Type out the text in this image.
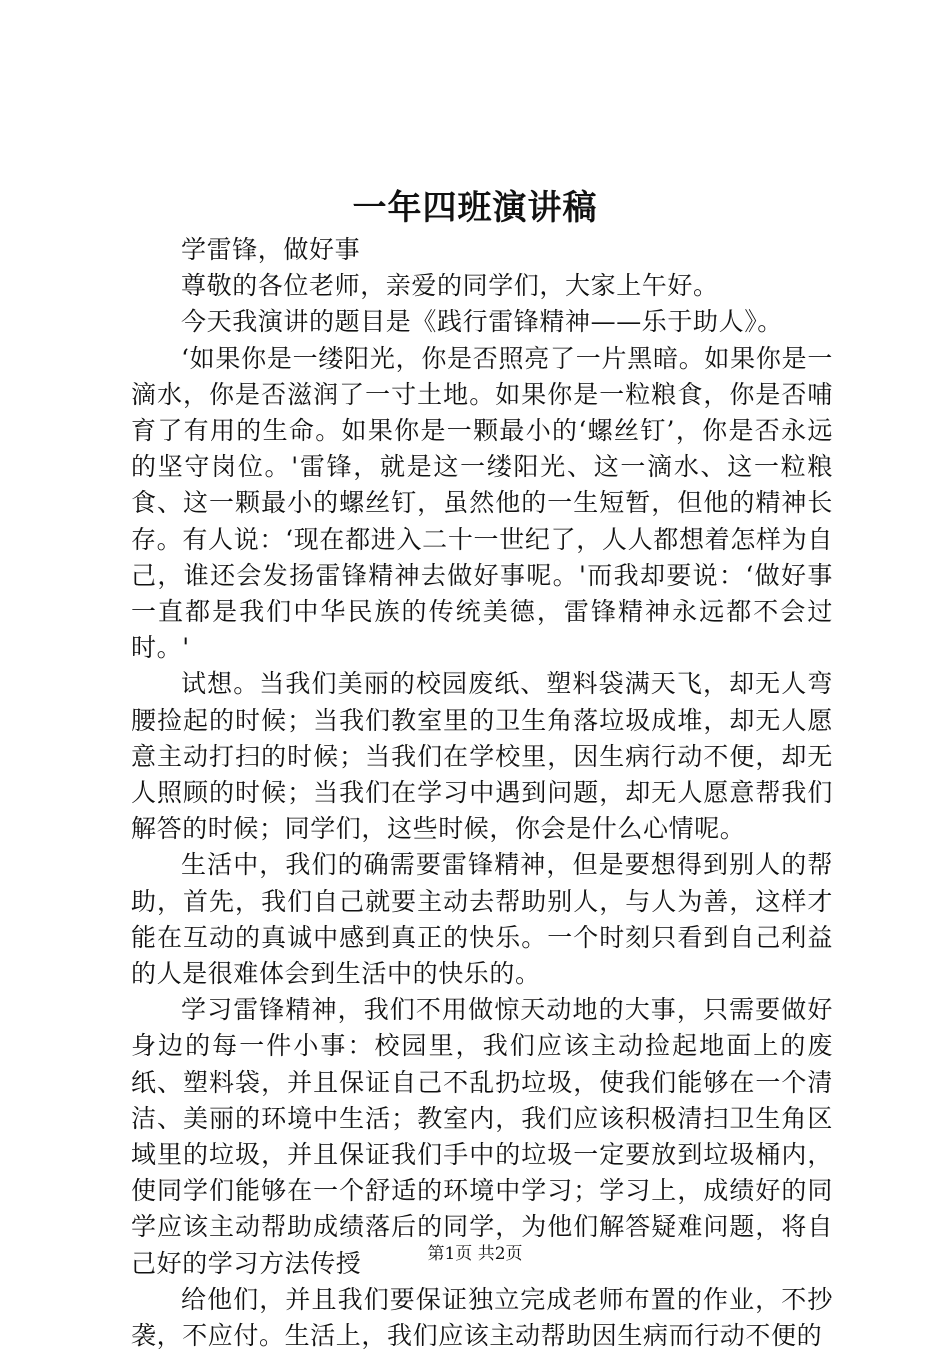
一年四班演讲稿

学雷锋，做好事

尊敬的各位老师，亲爱的同学们，大家上午好。

今天我演讲的题目是《践行雷锋精神——乐于助人》。

‘如果你是一缕阳光，你是否照亮了一片黑暗。如果你是一滴水，你是否滋润了一寸土地。如果你是一粒粮食，你是否哺育了有用的生命。如果你是一颗最小的‘螺丝钉’，你是否永远的坚守岗位。'雷锋，就是这一缕阳光、这一滴水、这一粒粮食、这一颗最小的螺丝钉，虽然他的一生短暂，但他的精神长存。有人说：‘现在都进入二十一世纪了，人人都想着怎样为自己，谁还会发扬雷锋精神去做好事呢。'而我却要说：‘做好事一直都是我们中华民族的传统美德，雷锋精神永远都不会过时。'

试想。当我们美丽的校园废纸、塑料袋满天飞，却无人弯腰捡起的时候；当我们教室里的卫生角落垃圾成堆，却无人愿意主动打扫的时候；当我们在学校里，因生病行动不便，却无人照顾的时候；当我们在学习中遇到问题，却无人愿意帮我们解答的时候；同学们，这些时候，你会是什么心情呢。

生活中，我们的确需要雷锋精神，但是要想得到别人的帮助，首先，我们自己就要主动去帮助别人，与人为善，这样才能在互动的真诚中感到真正的快乐。一个时刻只看到自己利益的人是很难体会到生活中的快乐的。

学习雷锋精神，我们不用做惊天动地的大事，只需要做好身边的每一件小事：校园里，我们应该主动捡起地面上的废纸、塑料袋，并且保证自己不乱扔垃圾，使我们能够在一个清洁、美丽的环境中生活；教室内，我们应该积极清扫卫生角区域里的垃圾，并且保证我们手中的垃圾一定要放到垃圾桶内，使同学们能够在一个舒适的环境中学习；学习上，成绩好的同学应该主动帮助成绩落后的同学，为他们解答疑难问题，将自己好的学习方法传授

给他们，并且我们要保证独立完成老师布置的作业，不抄袭，不应付。生活上，我们应该主动帮助因生病而行动不便的

第1页 共2页
